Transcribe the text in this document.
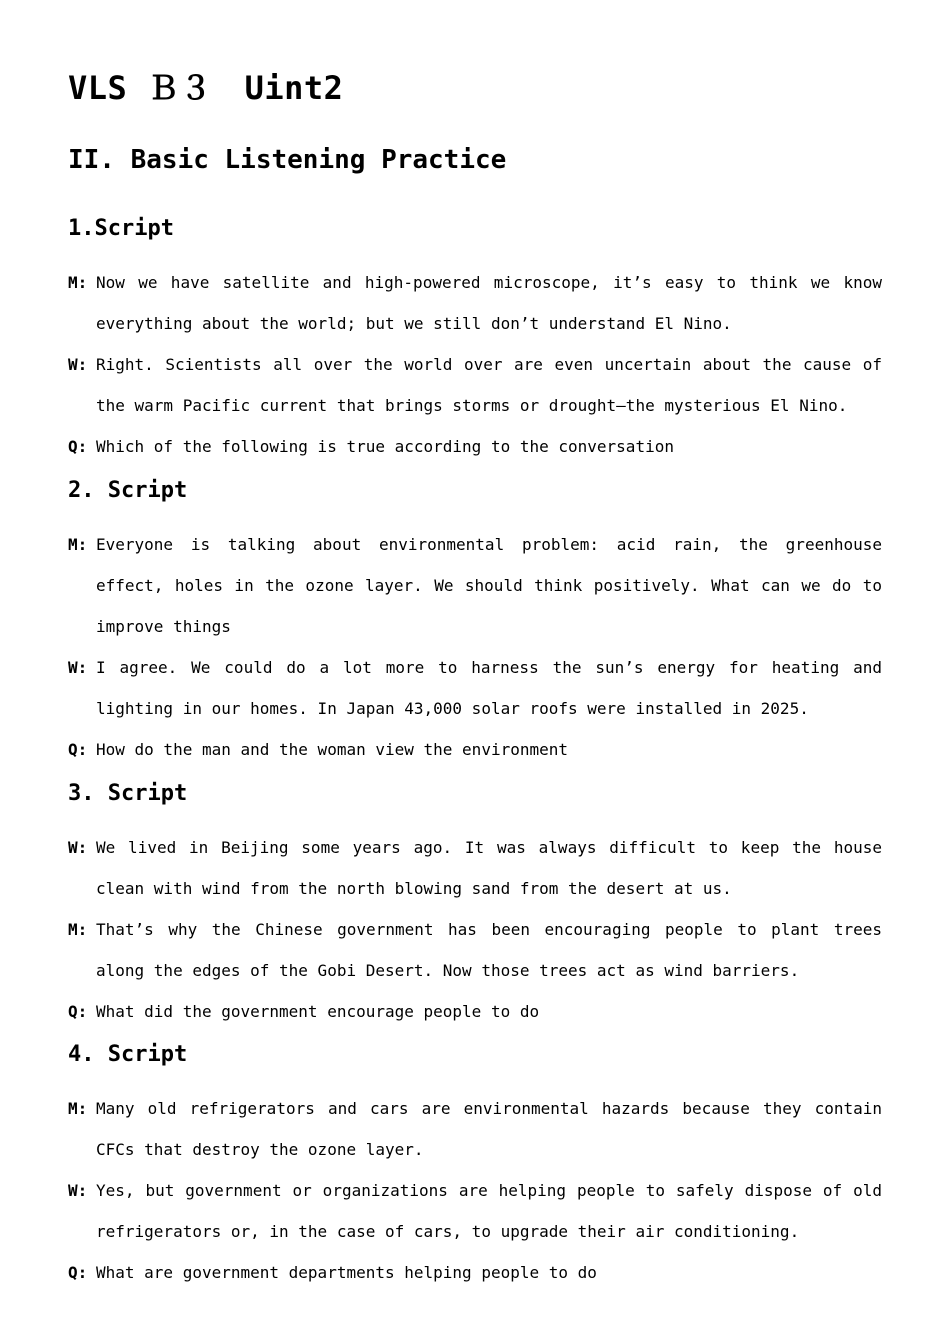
VLS Ｂ３　Uint2
II. Basic Listening Practice
1.Script
M: Now we have satellite and high-powered microscope, it’s easy to think we know everything about the world; but we still don’t understand El Nino.
W: Right. Scientists all over the world over are even uncertain about the cause of the warm Pacific current that brings storms or drought—the mysterious El Nino.
Q: Which of the following is true according to the conversation
2. Script
M: Everyone is talking about environmental problem: acid rain, the greenhouse effect, holes in the ozone layer. We should think positively. What can we do to improve things
W: I agree. We could do a lot more to harness the sun’s energy for heating and lighting in our homes. In Japan 43,000 solar roofs were installed in 2025.
Q: How do the man and the woman view the environment
3. Script
W: We lived in Beijing some years ago. It was always difficult to keep the house clean with wind from the north blowing sand from the desert at us.
M: That’s why the Chinese government has been encouraging people to plant trees along the edges of the Gobi Desert. Now those trees act as wind barriers.
Q: What did the government encourage people to do
4. Script
M: Many old refrigerators and cars are environmental hazards because they contain CFCs that destroy the ozone layer.
W: Yes, but government or organizations are helping people to safely dispose of old refrigerators or, in the case of cars, to upgrade their air conditioning.
Q: What are government departments helping people to do
